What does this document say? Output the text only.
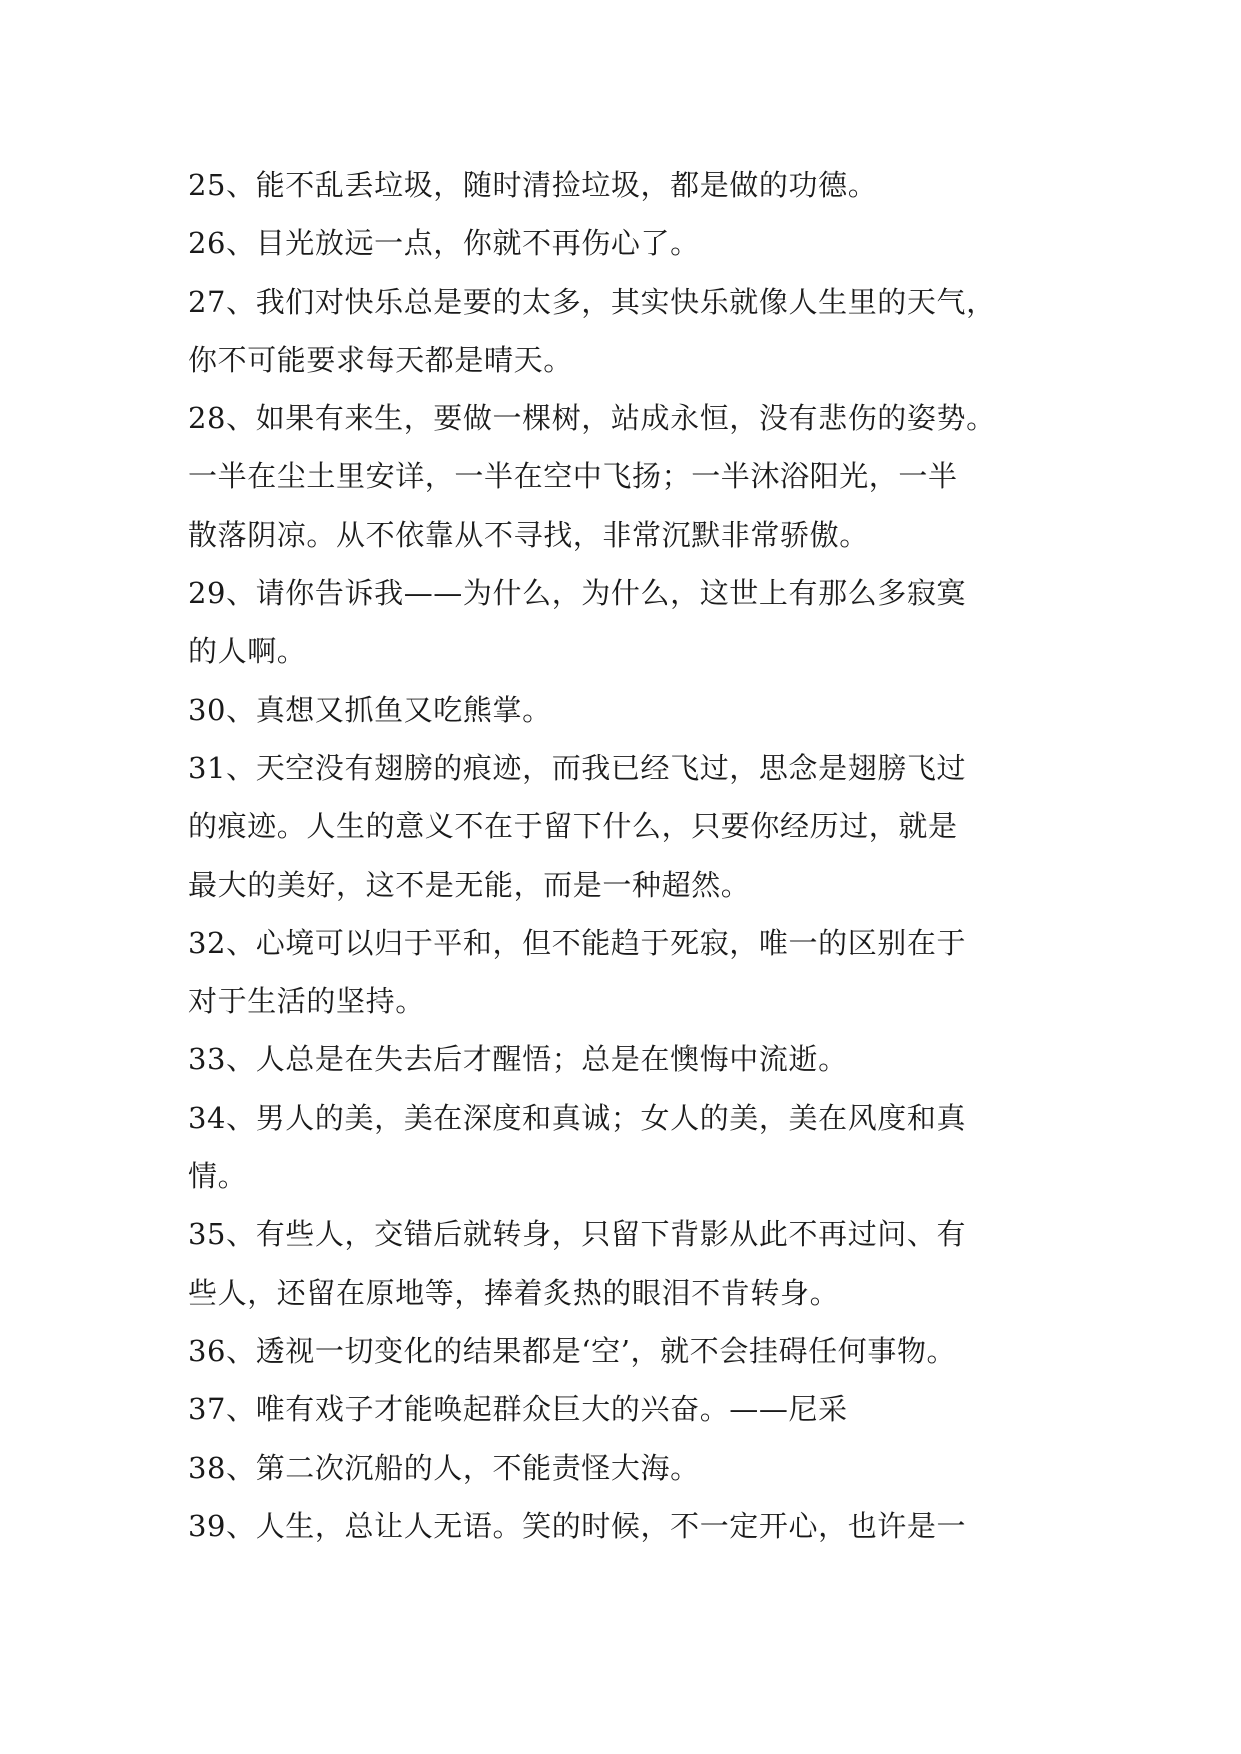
25、能不乱丢垃圾，随时清捡垃圾，都是做的功德。
26、目光放远一点，你就不再伤心了。
27、我们对快乐总是要的太多，其实快乐就像人生里的天气，
你不可能要求每天都是晴天。
28、如果有来生，要做一棵树，站成永恒，没有悲伤的姿势。
一半在尘土里安详，一半在空中飞扬；一半沐浴阳光，一半
散落阴凉。从不依靠从不寻找，非常沉默非常骄傲。
29、请你告诉我——为什么，为什么，这世上有那么多寂寞
的人啊。
30、真想又抓鱼又吃熊掌。
31、天空没有翅膀的痕迹，而我已经飞过，思念是翅膀飞过
的痕迹。人生的意义不在于留下什么，只要你经历过，就是
最大的美好，这不是无能，而是一种超然。
32、心境可以归于平和，但不能趋于死寂，唯一的区别在于
对于生活的坚持。
33、人总是在失去后才醒悟；总是在懊悔中流逝。
34、男人的美，美在深度和真诚；女人的美，美在风度和真
情。
35、有些人，交错后就转身，只留下背影从此不再过问、有
些人，还留在原地等，捧着炙热的眼泪不肯转身。
36、透视一切变化的结果都是‘空’，就不会挂碍任何事物。
37、唯有戏子才能唤起群众巨大的兴奋。——尼采
38、第二次沉船的人，不能责怪大海。
39、人生，总让人无语。笑的时候，不一定开心，也许是一
